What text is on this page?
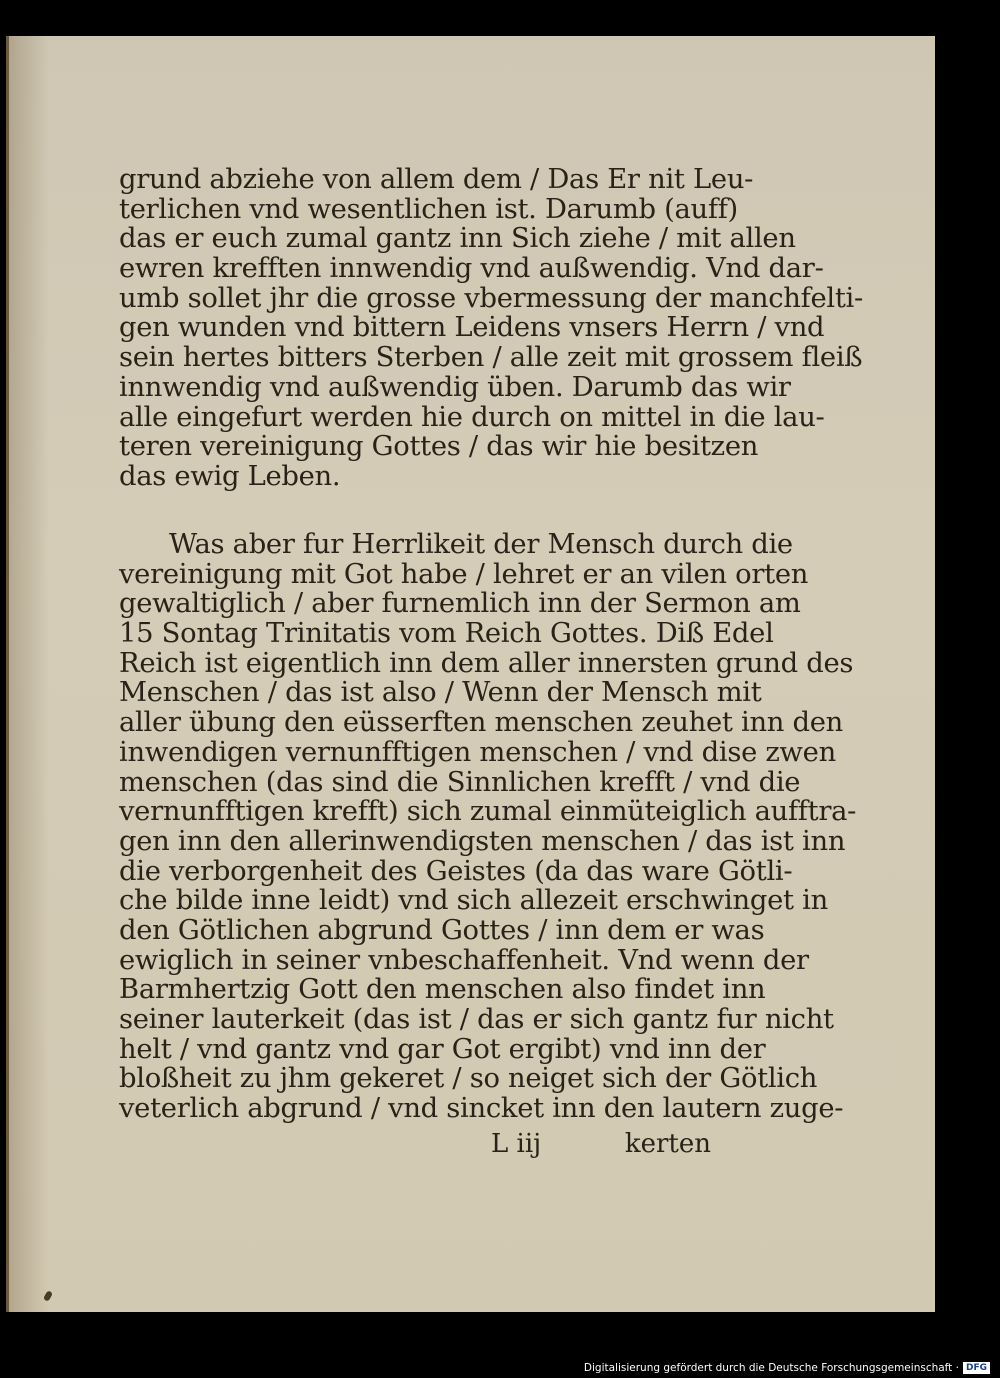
grund abziehe von allem dem / Das Er nit Leu-
terlichen vnd wesentlichen ist. Darumb (auff)
das er euch zumal gantz inn Sich ziehe / mit allen
ewren krefften innwendig vnd außwendig. Vnd dar-
umb sollet jhr die grosse vbermessung der manchfelti-
gen wunden vnd bittern Leidens vnsers Herrn / vnd
sein hertes bitters Sterben / alle zeit mit grossem fleiß
innwendig vnd außwendig üben. Darumb das wir
alle eingefurt werden hie durch on mittel in die lau-
teren vereinigung Gottes / das wir hie besitzen
das ewig Leben.
Was aber fur Herrlikeit der Mensch durch die
vereinigung mit Got habe / lehret er an vilen orten
gewaltiglich / aber furnemlich inn der Sermon am
15 Sontag Trinitatis vom Reich Gottes. Diß Edel
Reich ist eigentlich inn dem aller innersten grund des
Menschen / das ist also / Wenn der Mensch mit
aller übung den eüsserften menschen zeuhet inn den
inwendigen vernunfftigen menschen / vnd dise zwen
menschen (das sind die Sinnlichen krefft / vnd die
vernunfftigen krefft) sich zumal einmüteiglich aufftra-
gen inn den allerinwendigsten menschen / das ist inn
die verborgenheit des Geistes (da das ware Götli-
che bilde inne leidt) vnd sich allezeit erschwinget in
den Götlichen abgrund Gottes / inn dem er was
ewiglich in seiner vnbeschaffenheit. Vnd wenn der
Barmhertzig Gott den menschen also findet inn
seiner lauterkeit (das ist / das er sich gantz fur nicht
helt / vnd gantz vnd gar Got ergibt) vnd inn der
bloßheit zu jhm gekeret / so neiget sich der Götlich
veterlich abgrund / vnd sincket inn den lautern zuge-
L iij	kerten
Digitalisierung gefördert durch die Deutsche Forschungsgemeinschaft · DFG
